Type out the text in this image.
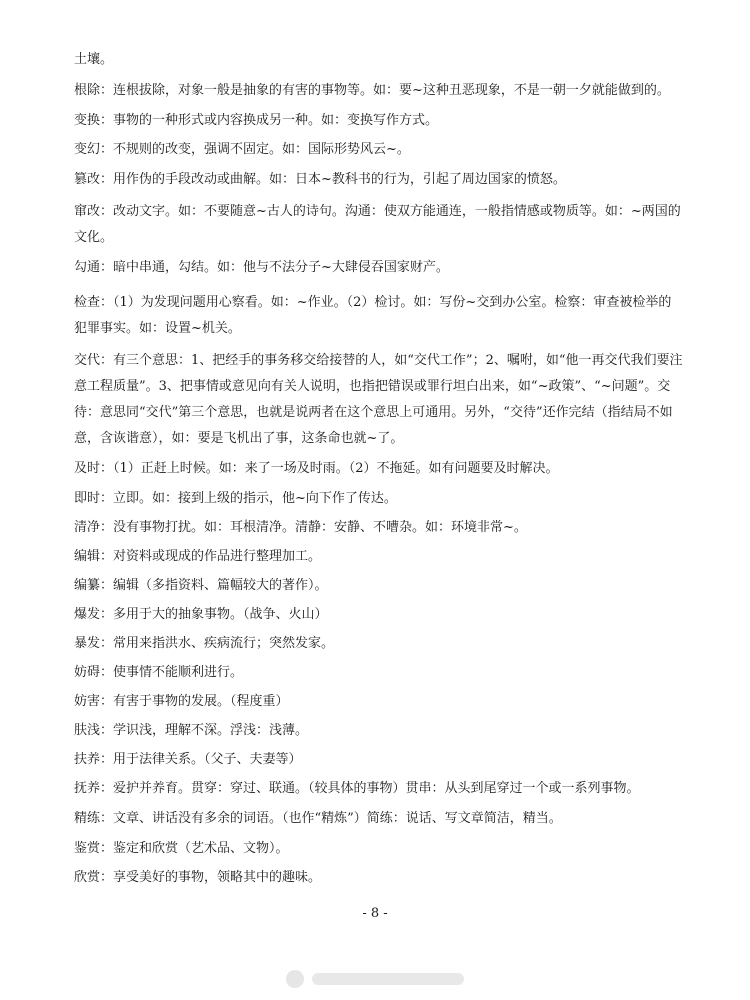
土壤。

根除：连根拔除，对象一般是抽象的有害的事物等。如：要~这种丑恶现象，不是一朝一夕就能做到的。

变换：事物的一种形式或内容换成另一种。如：变换写作方式。

变幻：不规则的改变，强调不固定。如：国际形势风云~。

篡改：用作伪的手段改动或曲解。如：日本~教科书的行为，引起了周边国家的愤怒。

窜改：改动文字。如：不要随意~古人的诗句。沟通：使双方能通连，一般指情感或物质等。如：~两国的文化。

勾通：暗中串通，勾结。如：他与不法分子~大肆侵吞国家财产。

检查：（1）为发现问题用心察看。如：~作业。（2）检讨。如：写份~交到办公室。检察：审查被检举的犯罪事实。如：设置~机关。

交代：有三个意思：1、把经手的事务移交给接替的人，如“交代工作”；2、嘱咐，如“他一再交代我们要注意工程质量”。3、把事情或意见向有关人说明，也指把错误或罪行坦白出来，如“~政策”、“~问题”。交待：意思同“交代”第三个意思，也就是说两者在这个意思上可通用。另外，“交待”还作完结（指结局不如意，含诙谐意），如：要是飞机出了事，这条命也就~了。

及时：（1）正赶上时候。如：来了一场及时雨。（2）不拖延。如有问题要及时解决。

即时：立即。如：接到上级的指示，他~向下作了传达。

清净：没有事物打扰。如：耳根清净。清静：安静、不嘈杂。如：环境非常~。

编辑：对资料或现成的作品进行整理加工。

编纂：编辑（多指资料、篇幅较大的著作）。

爆发：多用于大的抽象事物。（战争、火山）

暴发：常用来指洪水、疾病流行；突然发家。

妨碍：使事情不能顺利进行。

妨害：有害于事物的发展。（程度重）

肤浅：学识浅，理解不深。浮浅：浅薄。

扶养：用于法律关系。（父子、夫妻等）

抚养：爱护并养育。贯穿：穿过、联通。（较具体的事物）贯串：从头到尾穿过一个或一系列事物。

精练：文章、讲话没有多余的词语。（也作“精炼”）简练：说话、写文章简洁，精当。

鉴赏：鉴定和欣赏（艺术品、文物）。

欣赏：享受美好的事物，领略其中的趣味。

- 8 -
